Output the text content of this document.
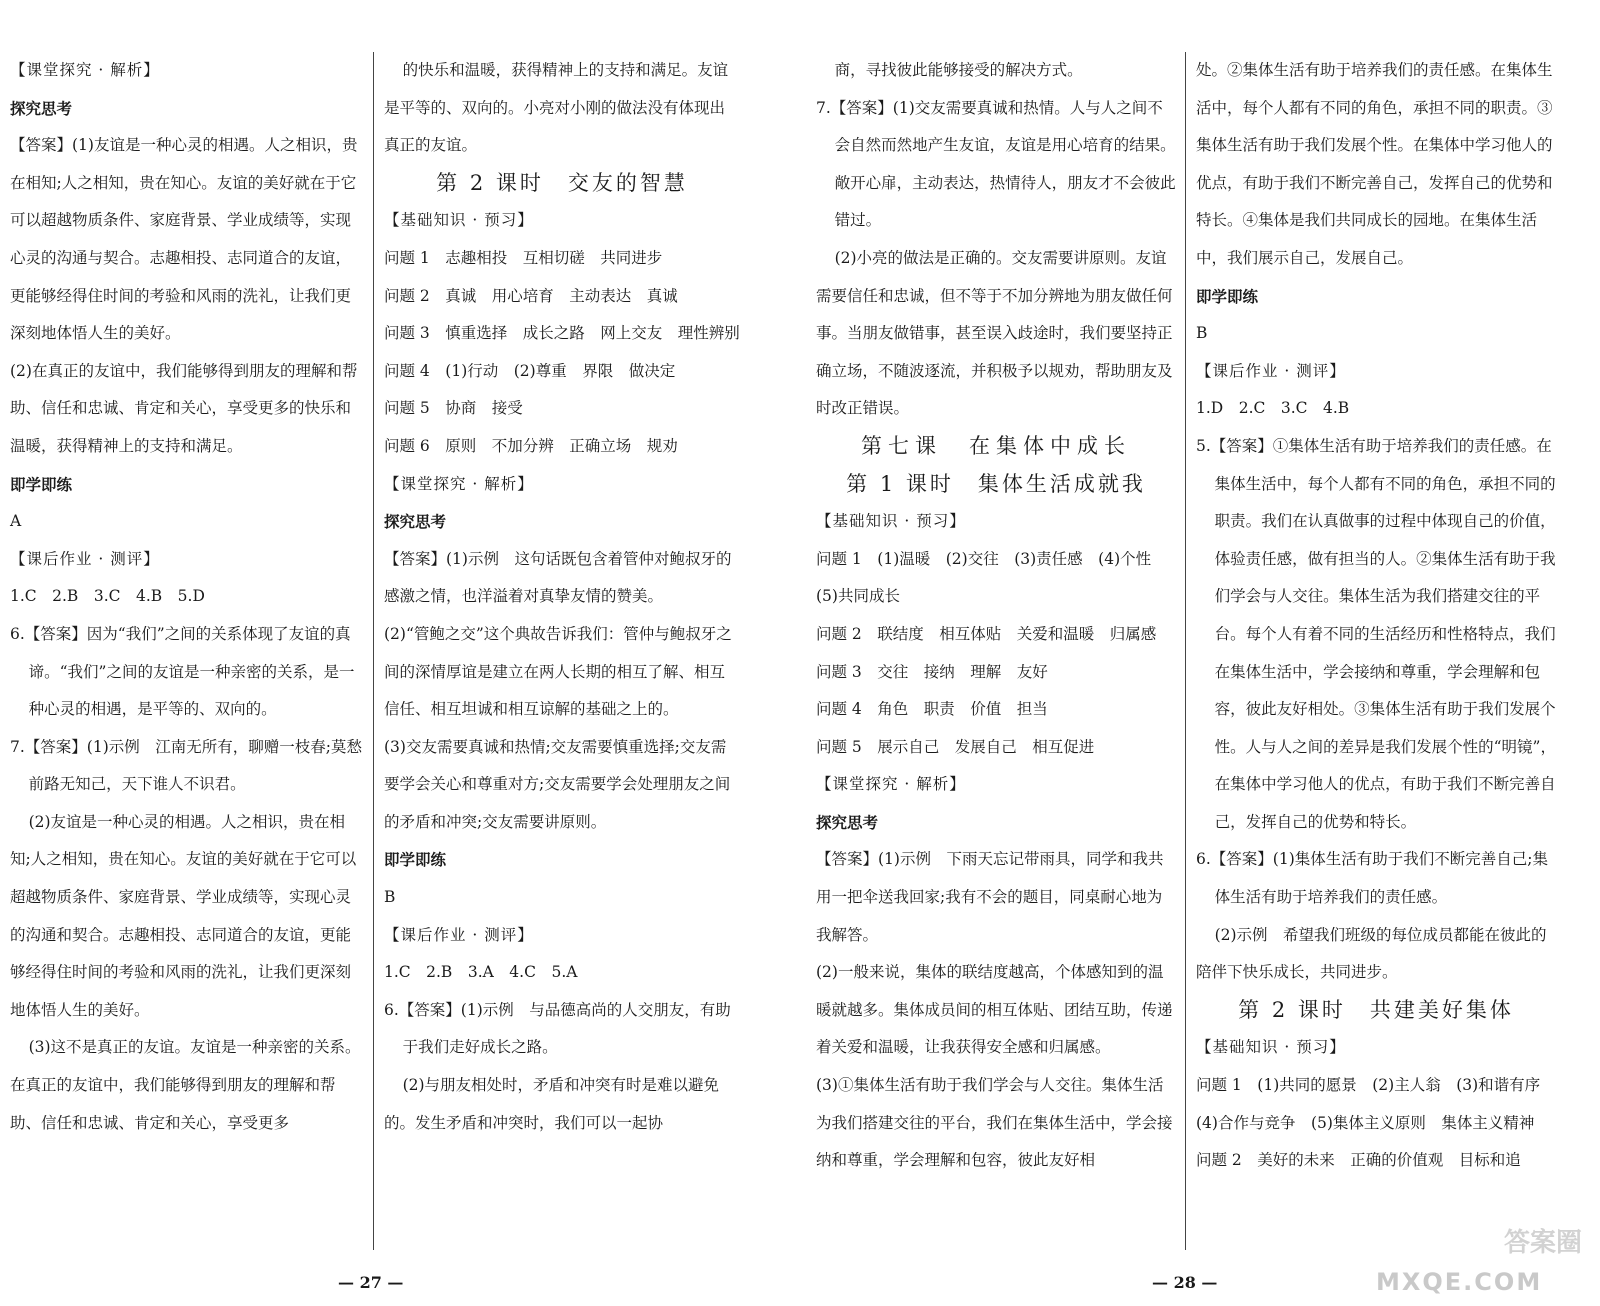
【课堂探究 · 解析】

探究思考

【答案】(1)友谊是一种心灵的相遇。人之相识，贵在相知;人之相知，贵在知心。友谊的美好就在于它可以超越物质条件、家庭背景、学业成绩等，实现心灵的沟通与契合。志趣相投、志同道合的友谊，更能够经得住时间的考验和风雨的洗礼，让我们更深刻地体悟人生的美好。

(2)在真正的友谊中，我们能够得到朋友的理解和帮助、信任和忠诚、肯定和关心，享受更多的快乐和温暖，获得精神上的支持和满足。

即学即练

A

【课后作业 · 测评】

1.C　2.B　3.C　4.B　5.D

6.【答案】因为“我们”之间的关系体现了友谊的真谛。“我们”之间的友谊是一种亲密的关系，是一种心灵的相遇，是平等的、双向的。

7.【答案】(1)示例　江南无所有，聊赠一枝春;莫愁前路无知己，天下谁人不识君。

(2)友谊是一种心灵的相遇。人之相识，贵在相知;人之相知，贵在知心。友谊的美好就在于它可以超越物质条件、家庭背景、学业成绩等，实现心灵的沟通和契合。志趣相投、志同道合的友谊，更能够经得住时间的考验和风雨的洗礼，让我们更深刻地体悟人生的美好。

(3)这不是真正的友谊。友谊是一种亲密的关系。在真正的友谊中，我们能够得到朋友的理解和帮助、信任和忠诚、肯定和关心，享受更多

的快乐和温暖，获得精神上的支持和满足。友谊是平等的、双向的。小亮对小刚的做法没有体现出真正的友谊。

第 2 课时　交友的智慧

【基础知识 · 预习】

问题 1　志趣相投　互相切磋　共同进步

问题 2　真诚　用心培育　主动表达　真诚

问题 3　慎重选择　成长之路　网上交友　理性辨别

问题 4　(1)行动　(2)尊重　界限　做决定

问题 5　协商　接受

问题 6　原则　不加分辨　正确立场　规劝

【课堂探究 · 解析】

探究思考

【答案】(1)示例　这句话既包含着管仲对鲍叔牙的感激之情，也洋溢着对真挚友情的赞美。

(2)“管鲍之交”这个典故告诉我们：管仲与鲍叔牙之间的深情厚谊是建立在两人长期的相互了解、相互信任、相互坦诚和相互谅解的基础之上的。

(3)交友需要真诚和热情;交友需要慎重选择;交友需要学会关心和尊重对方;交友需要学会处理朋友之间的矛盾和冲突;交友需要讲原则。

即学即练

B

【课后作业 · 测评】

1.C　2.B　3.A　4.C　5.A

6.【答案】(1)示例　与品德高尚的人交朋友，有助于我们走好成长之路。

(2)与朋友相处时，矛盾和冲突有时是难以避免的。发生矛盾和冲突时，我们可以一起协

— 27 —

商，寻找彼此能够接受的解决方式。

7.【答案】(1)交友需要真诚和热情。人与人之间不会自然而然地产生友谊，友谊是用心培育的结果。敞开心扉，主动表达，热情待人，朋友才不会彼此错过。

(2)小亮的做法是正确的。交友需要讲原则。友谊需要信任和忠诚，但不等于不加分辨地为朋友做任何事。当朋友做错事，甚至误入歧途时，我们要坚持正确立场，不随波逐流，并积极予以规劝，帮助朋友及时改正错误。

第七课　在集体中成长

第 1 课时　集体生活成就我

【基础知识 · 预习】

问题 1　(1)温暖　(2)交往　(3)责任感　(4)个性　(5)共同成长

问题 2　联结度　相互体贴　关爱和温暖　归属感

问题 3　交往　接纳　理解　友好

问题 4　角色　职责　价值　担当

问题 5　展示自己　发展自己　相互促进

【课堂探究 · 解析】

探究思考

【答案】(1)示例　下雨天忘记带雨具，同学和我共用一把伞送我回家;我有不会的题目，同桌耐心地为我解答。

(2)一般来说，集体的联结度越高，个体感知到的温暖就越多。集体成员间的相互体贴、团结互助，传递着关爱和温暖，让我获得安全感和归属感。

(3)①集体生活有助于我们学会与人交往。集体生活为我们搭建交往的平台，我们在集体生活中，学会接纳和尊重，学会理解和包容，彼此友好相

处。②集体生活有助于培养我们的责任感。在集体生活中，每个人都有不同的角色，承担不同的职责。③集体生活有助于我们发展个性。在集体中学习他人的优点，有助于我们不断完善自己，发挥自己的优势和特长。④集体是我们共同成长的园地。在集体生活中，我们展示自己，发展自己。

即学即练

B

【课后作业 · 测评】

1.D　2.C　3.C　4.B

5.【答案】①集体生活有助于培养我们的责任感。在集体生活中，每个人都有不同的角色，承担不同的职责。我们在认真做事的过程中体现自己的价值，体验责任感，做有担当的人。②集体生活有助于我们学会与人交往。集体生活为我们搭建交往的平台。每个人有着不同的生活经历和性格特点，我们在集体生活中，学会接纳和尊重，学会理解和包容，彼此友好相处。③集体生活有助于我们发展个性。人与人之间的差异是我们发展个性的“明镜”，在集体中学习他人的优点，有助于我们不断完善自己，发挥自己的优势和特长。

6.【答案】(1)集体生活有助于我们不断完善自己;集体生活有助于培养我们的责任感。

(2)示例　希望我们班级的每位成员都能在彼此的陪伴下快乐成长，共同进步。

第 2 课时　共建美好集体

【基础知识 · 预习】

问题 1　(1)共同的愿景　(2)主人翁　(3)和谐有序　(4)合作与竞争　(5)集体主义原则　集体主义精神

问题 2　美好的未来　正确的价值观　目标和追

— 28 —
答案圈
MXQE.COM
